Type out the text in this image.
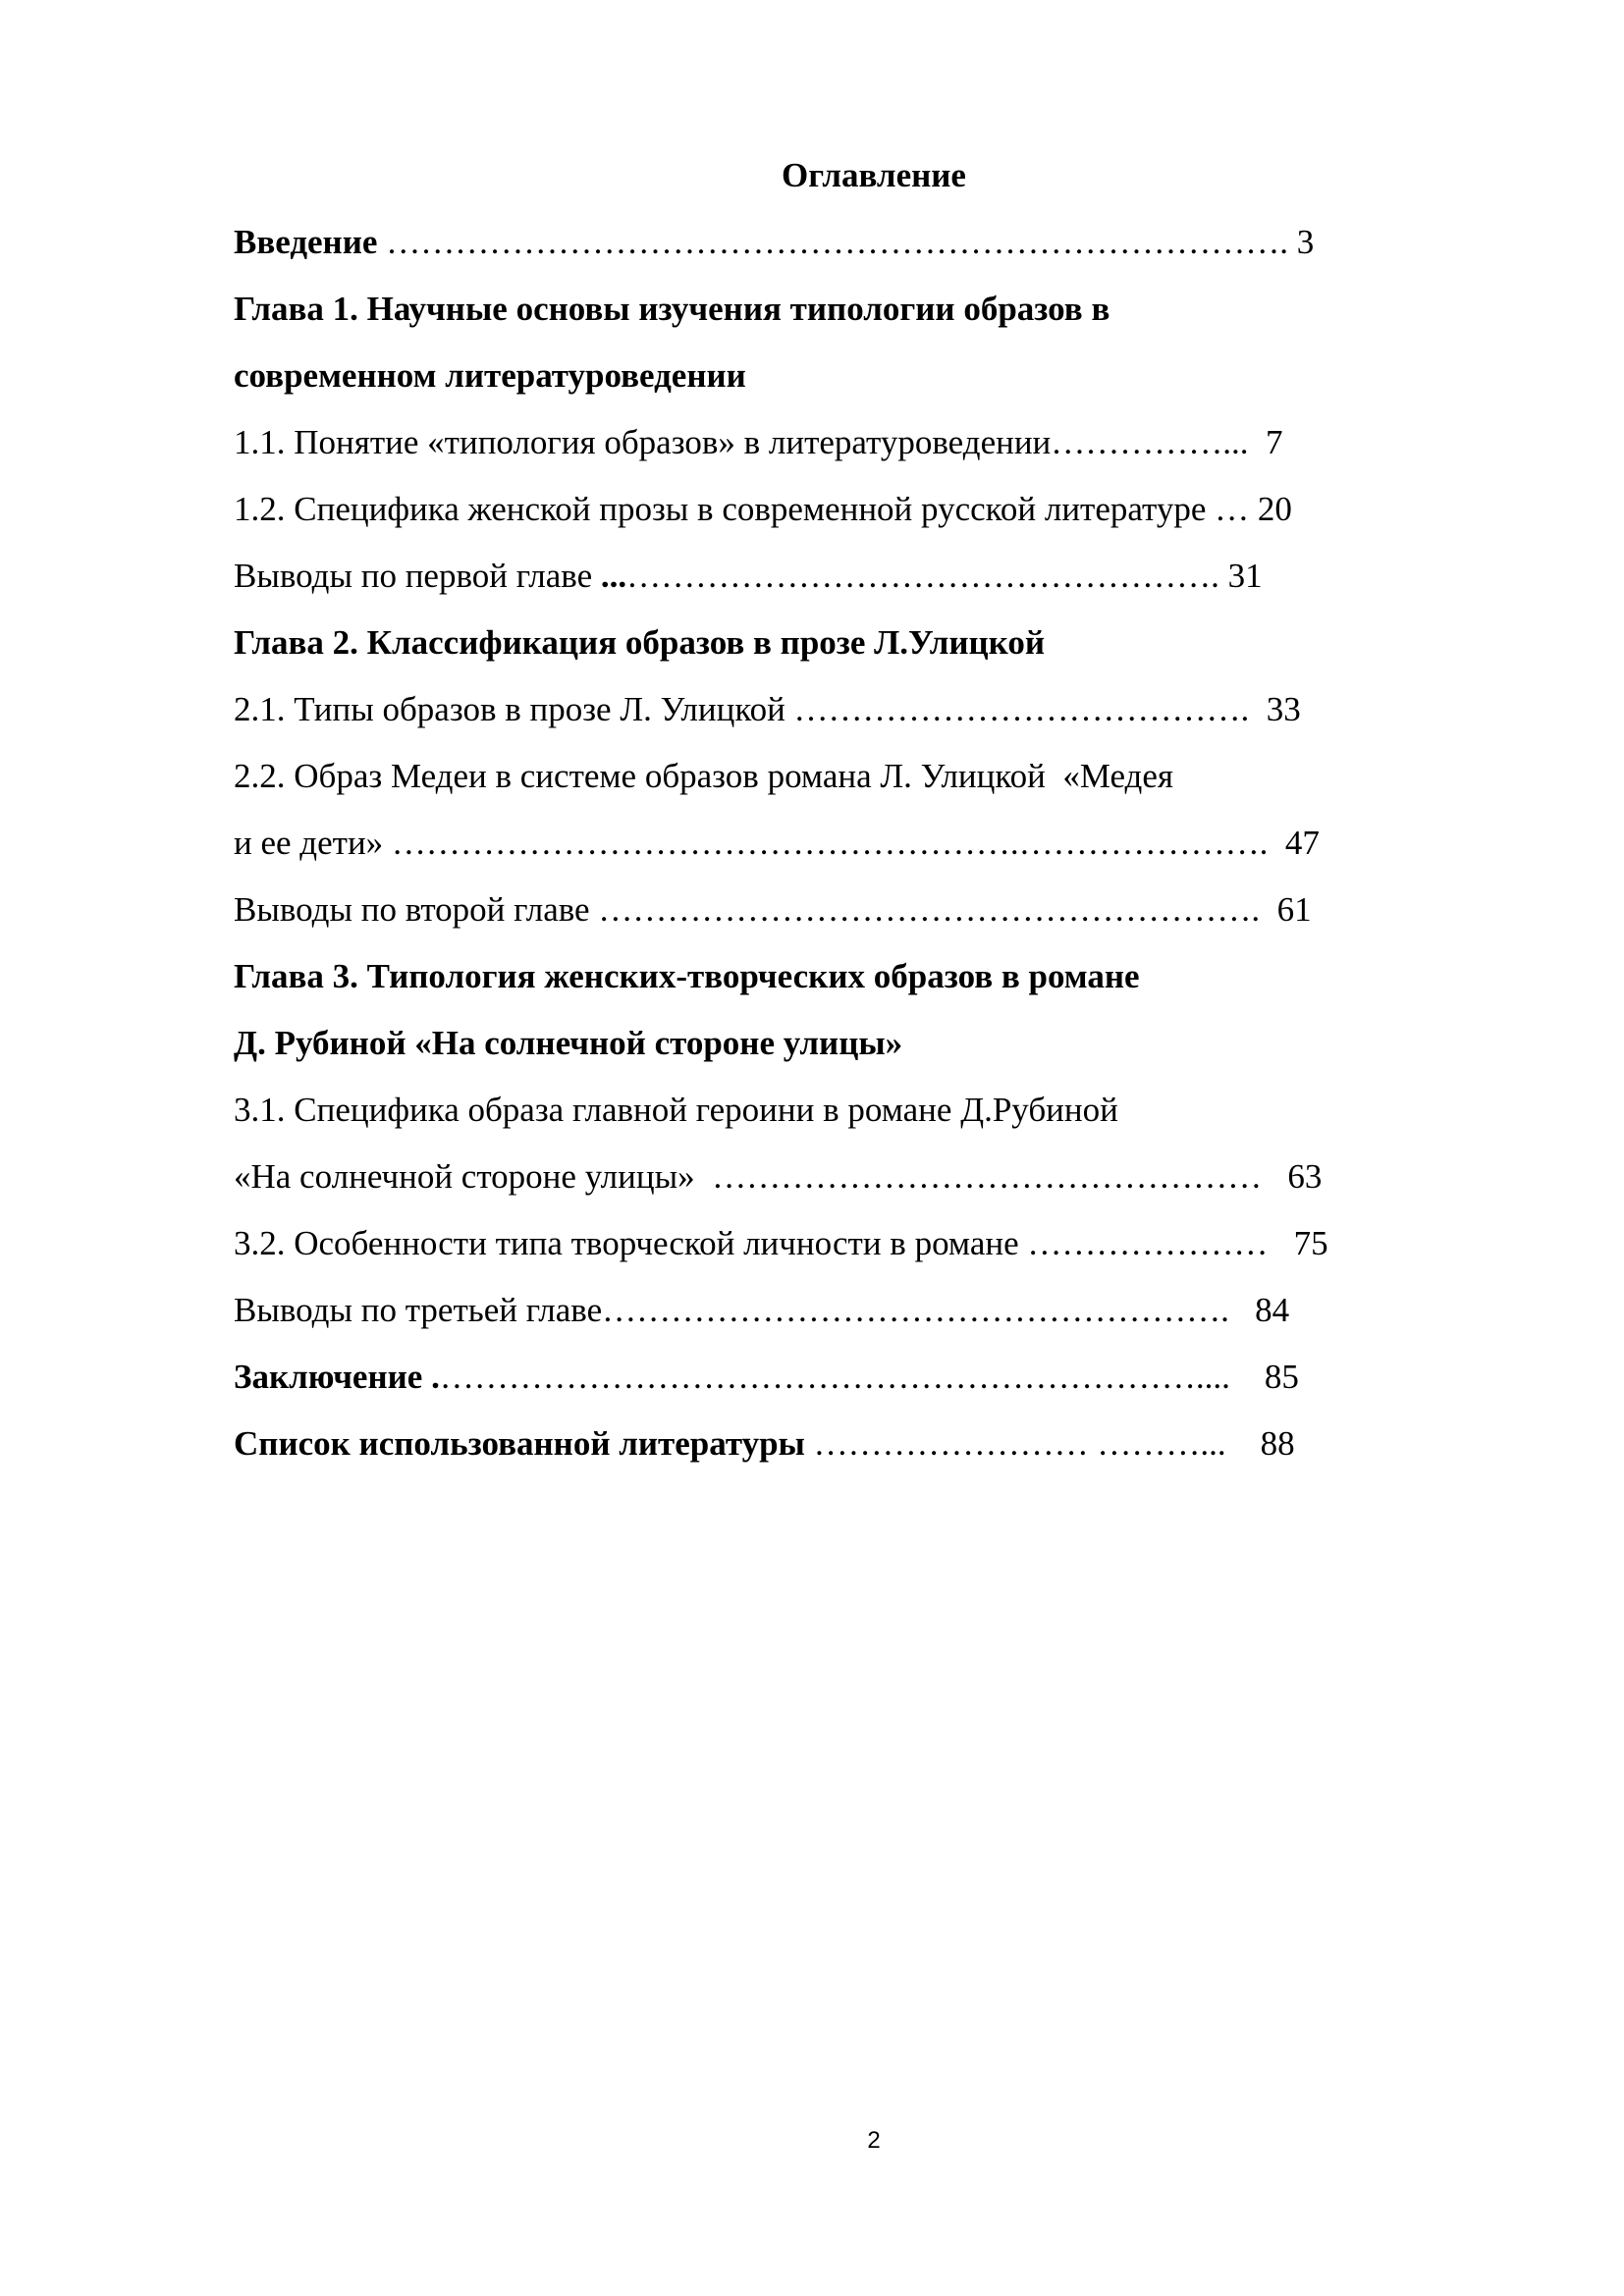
Оглавление
Введение ……………………………………………………………………. 3
Глава 1. Научные основы изучения типологии образов в
современном литературоведении
1.1. Понятие «типология образов» в литературоведении……………...  7
1.2. Специфика женской прозы в современной русской литературе … 20
Выводы по первой главе ...……………………………………………. 31
Глава 2. Классификация образов в прозе Л.Улицкой
2.1. Типы образов в прозе Л. Улицкой ………………………………….  33
2.2. Образ Медеи в системе образов романа Л. Улицкой  «Медея
и ее дети» ……………………………………………….………………….  47
Выводы по второй главе ………………………………………………….  61
Глава 3. Типология женских-творческих образов в романе
Д. Рубиной «На солнечной стороне улицы»
3.1. Специфика образа главной героини в романе Д.Рубиной
«На солнечной стороне улицы»  …………………………………………   63
3.2. Особенности типа творческой личности в романе …………………   75
Выводы по третьей главе……………………………………………….   84
Заключение .…………………………………………………………....    85
Список использованной литературы …………………… ………...    88
2
